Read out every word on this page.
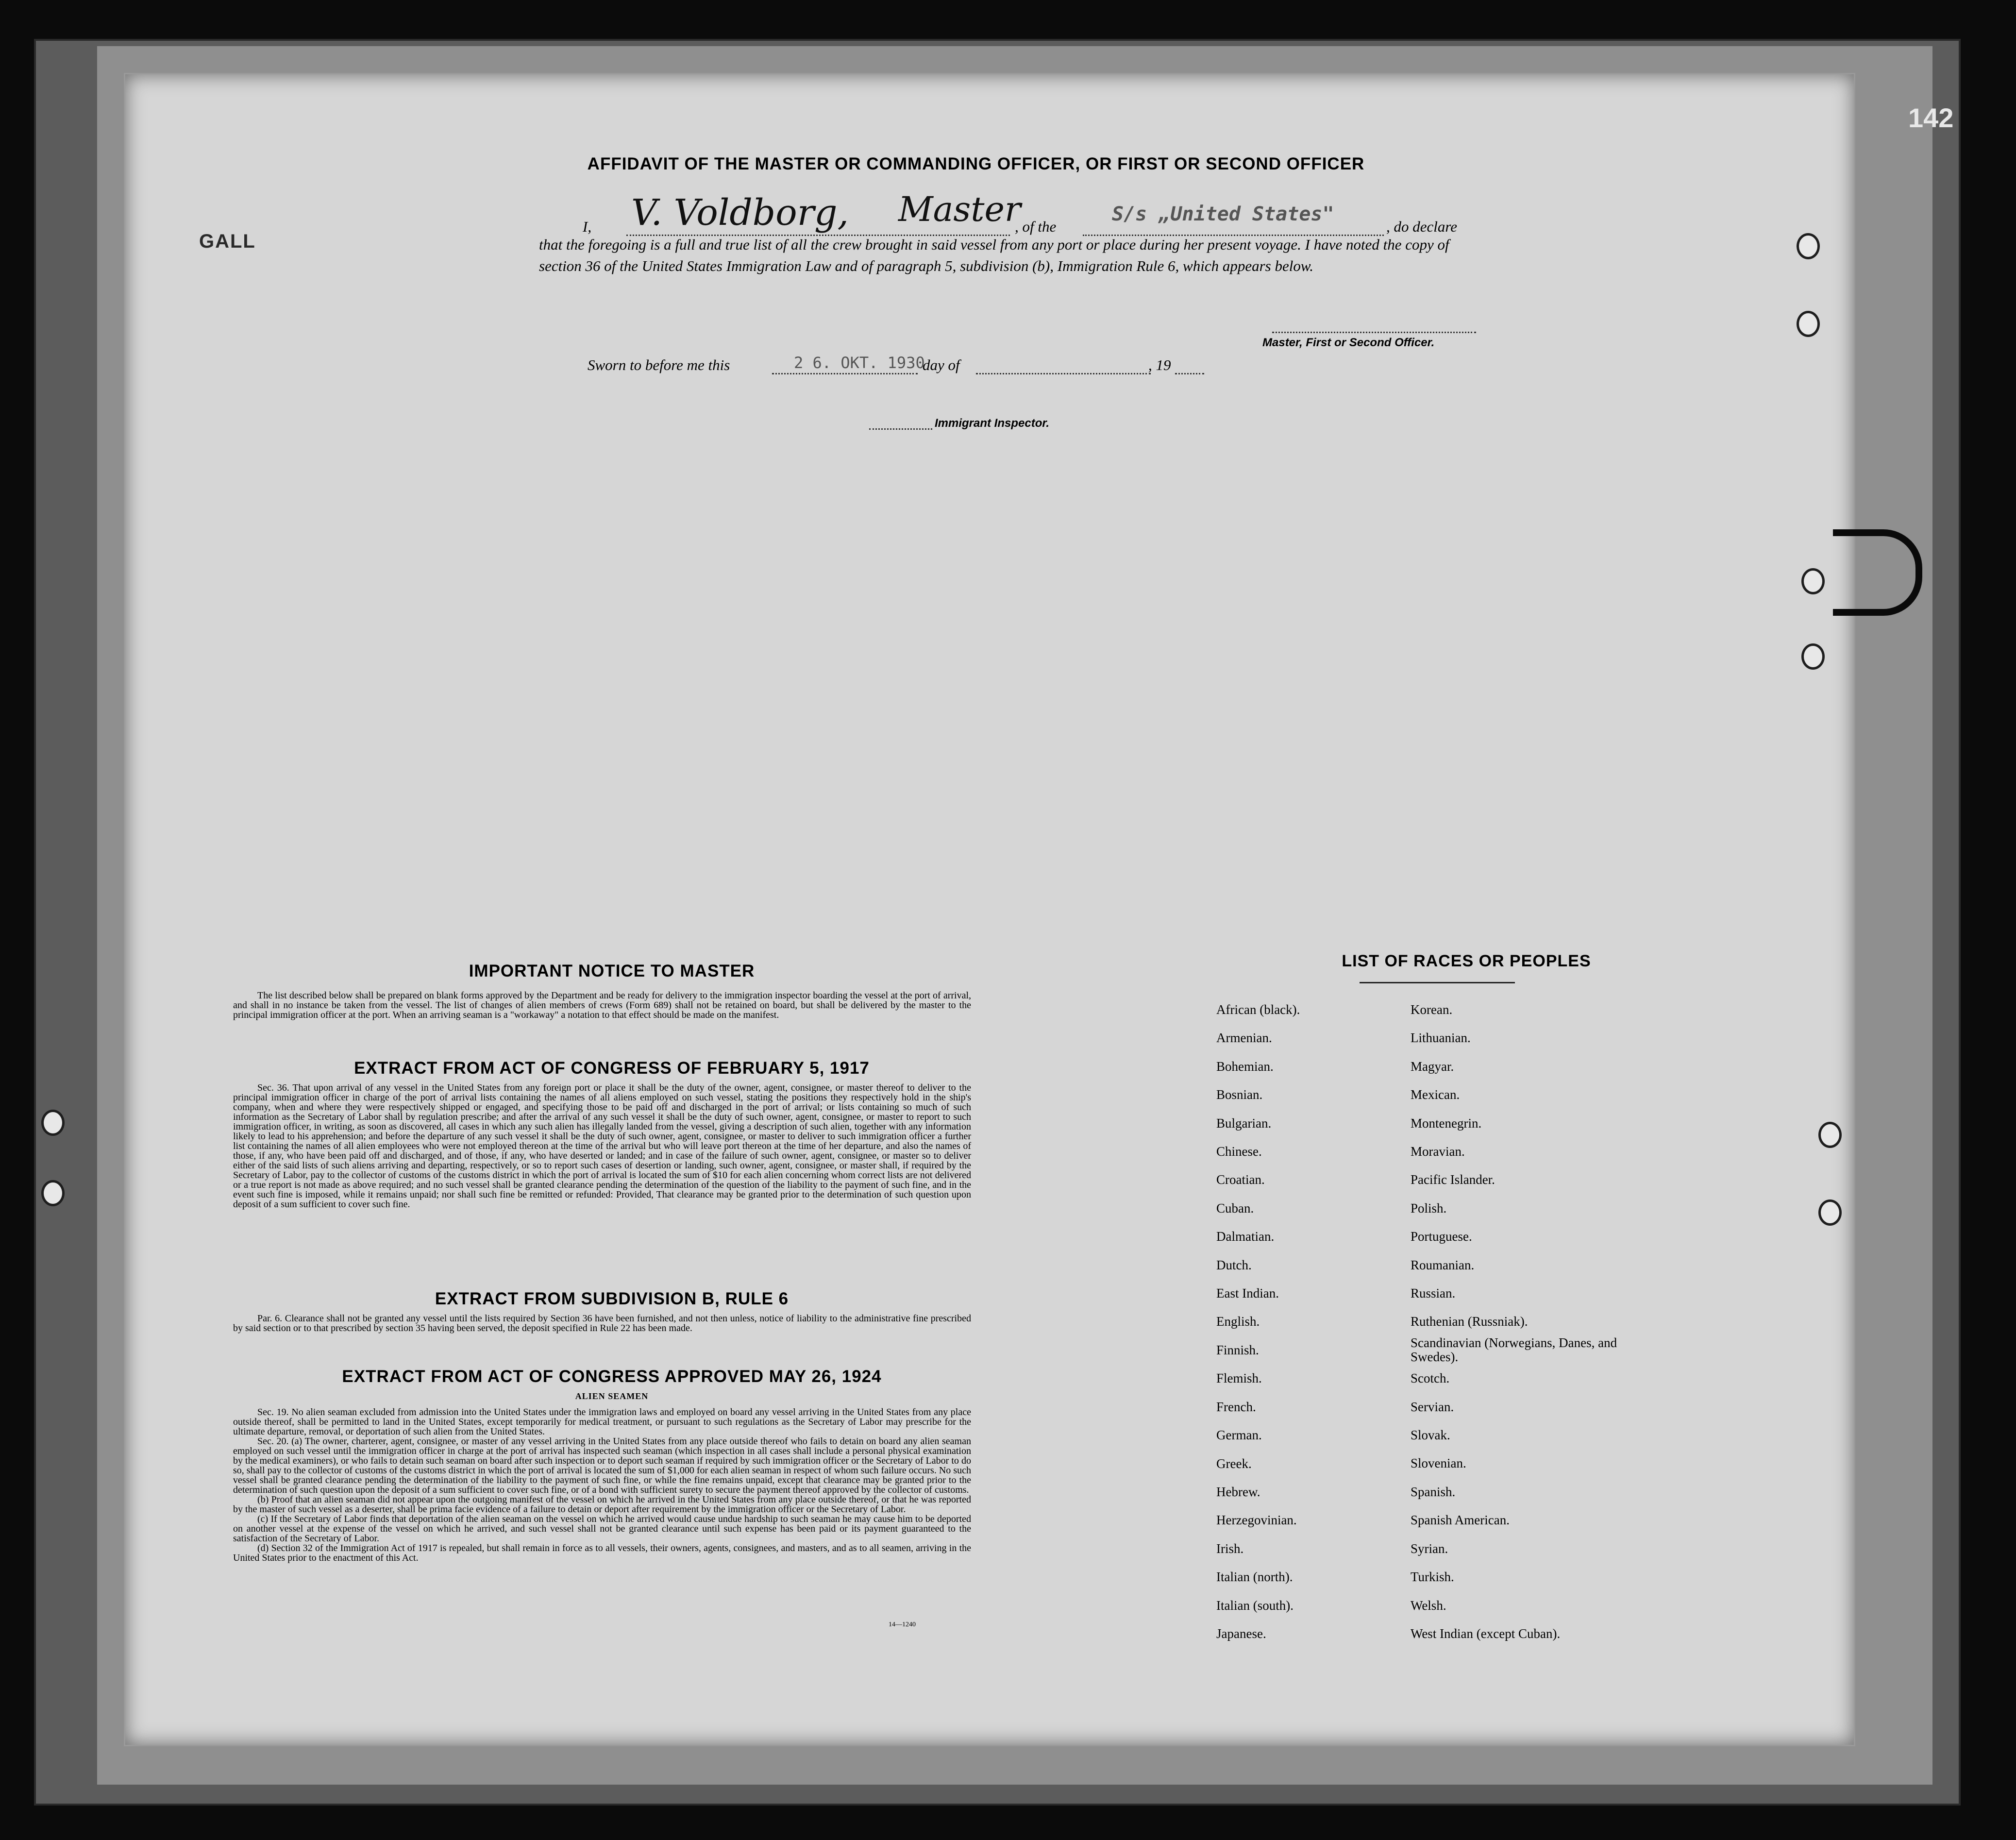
142
GALL
AFFIDAVIT OF THE MASTER OR COMMANDING OFFICER, OR FIRST OR SECOND OFFICER
I, V. Voldborg, Master
, of the
S/s „United States"
, do declare
that the foregoing is a full and true list of all the crew brought in said vessel from any port or place during her present voyage. I have noted the copy of section 36 of the United States Immigration Law and of paragraph 5, subdivision (b), Immigration Rule 6, which appears below.
Master, First or Second Officer.
Sworn to before me this	2 6. OKT. 1930
day of	, 19
Immigrant Inspector.
IMPORTANT NOTICE TO MASTER

The list described below shall be prepared on blank forms approved by the Department and be ready for delivery to the immigration inspector boarding the vessel at the port of arrival, and shall in no instance be taken from the vessel. The list of changes of alien members of crews (Form 689) shall not be retained on board, but shall be delivered by the master to the principal immigration officer at the port. When an arriving seaman is a "workaway" a notation to that effect should be made on the manifest.

EXTRACT FROM ACT OF CONGRESS OF FEBRUARY 5, 1917

Sec. 36. That upon arrival of any vessel in the United States from any foreign port or place it shall be the duty of the owner, agent, consignee, or master thereof to deliver to the principal immigration officer in charge of the port of arrival lists containing the names of all aliens employed on such vessel, stating the positions they respectively hold in the ship's company, when and where they were respectively shipped or engaged, and specifying those to be paid off and discharged in the port of arrival; or lists containing so much of such information as the Secretary of Labor shall by regulation prescribe; and after the arrival of any such vessel it shall be the duty of such owner, agent, consignee, or master to report to such immigration officer, in writing, as soon as discovered, all cases in which any such alien has illegally landed from the vessel, giving a description of such alien, together with any information likely to lead to his apprehension; and before the departure of any such vessel it shall be the duty of such owner, agent, consignee, or master to deliver to such immigration officer a further list containing the names of all alien employees who were not employed thereon at the time of the arrival but who will leave port thereon at the time of her departure, and also the names of those, if any, who have been paid off and discharged, and of those, if any, who have deserted or landed; and in case of the failure of such owner, agent, consignee, or master so to deliver either of the said lists of such aliens arriving and departing, respectively, or so to report such cases of desertion or landing, such owner, agent, consignee, or master shall, if required by the Secretary of Labor, pay to the collector of customs of the customs district in which the port of arrival is located the sum of $10 for each alien concerning whom correct lists are not delivered or a true report is not made as above required; and no such vessel shall be granted clearance pending the determination of the question of the liability to the payment of such fine, and in the event such fine is imposed, while it remains unpaid; nor shall such fine be remitted or refunded: Provided, That clearance may be granted prior to the determination of such question upon deposit of a sum sufficient to cover such fine.

EXTRACT FROM SUBDIVISION B, RULE 6

Par. 6. Clearance shall not be granted any vessel until the lists required by Section 36 have been furnished, and not then unless, notice of liability to the administrative fine prescribed by said section or to that prescribed by section 35 having been served, the deposit specified in Rule 22 has been made.

EXTRACT FROM ACT OF CONGRESS APPROVED MAY 26, 1924
ALIEN SEAMEN

Sec. 19. No alien seaman excluded from admission into the United States under the immigration laws and employed on board any vessel arriving in the United States from any place outside thereof, shall be permitted to land in the United States, except temporarily for medical treatment, or pursuant to such regulations as the Secretary of Labor may prescribe for the ultimate departure, removal, or deportation of such alien from the United States.

Sec. 20. (a) The owner, charterer, agent, consignee, or master of any vessel arriving in the United States from any place outside thereof who fails to detain on board any alien seaman employed on such vessel until the immigration officer in charge at the port of arrival has inspected such seaman (which inspection in all cases shall include a personal physical examination by the medical examiners), or who fails to detain such seaman on board after such inspection or to deport such seaman if required by such immigration officer or the Secretary of Labor to do so, shall pay to the collector of customs of the customs district in which the port of arrival is located the sum of $1,000 for each alien seaman in respect of whom such failure occurs. No such vessel shall be granted clearance pending the determination of the liability to the payment of such fine, or while the fine remains unpaid, except that clearance may be granted prior to the determination of such question upon the deposit of a sum sufficient to cover such fine, or of a bond with sufficient surety to secure the payment thereof approved by the collector of customs.

(b) Proof that an alien seaman did not appear upon the outgoing manifest of the vessel on which he arrived in the United States from any place outside thereof, or that he was reported by the master of such vessel as a deserter, shall be prima facie evidence of a failure to detain or deport after requirement by the immigration officer or the Secretary of Labor.

(c) If the Secretary of Labor finds that deportation of the alien seaman on the vessel on which he arrived would cause undue hardship to such seaman he may cause him to be deported on another vessel at the expense of the vessel on which he arrived, and such vessel shall not be granted clearance until such expense has been paid or its payment guaranteed to the satisfaction of the Secretary of Labor.

(d) Section 32 of the Immigration Act of 1917 is repealed, but shall remain in force as to all vessels, their owners, agents, consignees, and masters, and as to all seamen, arriving in the United States prior to the enactment of this Act.

14—1240
LIST OF RACES OR PEOPLES
African (black).
Armenian.
Bohemian.
Bosnian.
Bulgarian.
Chinese.
Croatian.
Cuban.
Dalmatian.
Dutch.
East Indian.
English.
Finnish.
Flemish.
French.
German.
Greek.
Hebrew.
Herzegovinian.
Irish.
Italian (north).
Italian (south).
Japanese.
Korean.
Lithuanian.
Magyar.
Mexican.
Montenegrin.
Moravian.
Pacific Islander.
Polish.
Portuguese.
Roumanian.
Russian.
Ruthenian (Russniak).
Scandinavian (Norwegians, Danes, and Swedes).
Scotch.
Servian.
Slovak.
Slovenian.
Spanish.
Spanish American.
Syrian.
Turkish.
Welsh.
West Indian (except Cuban).
